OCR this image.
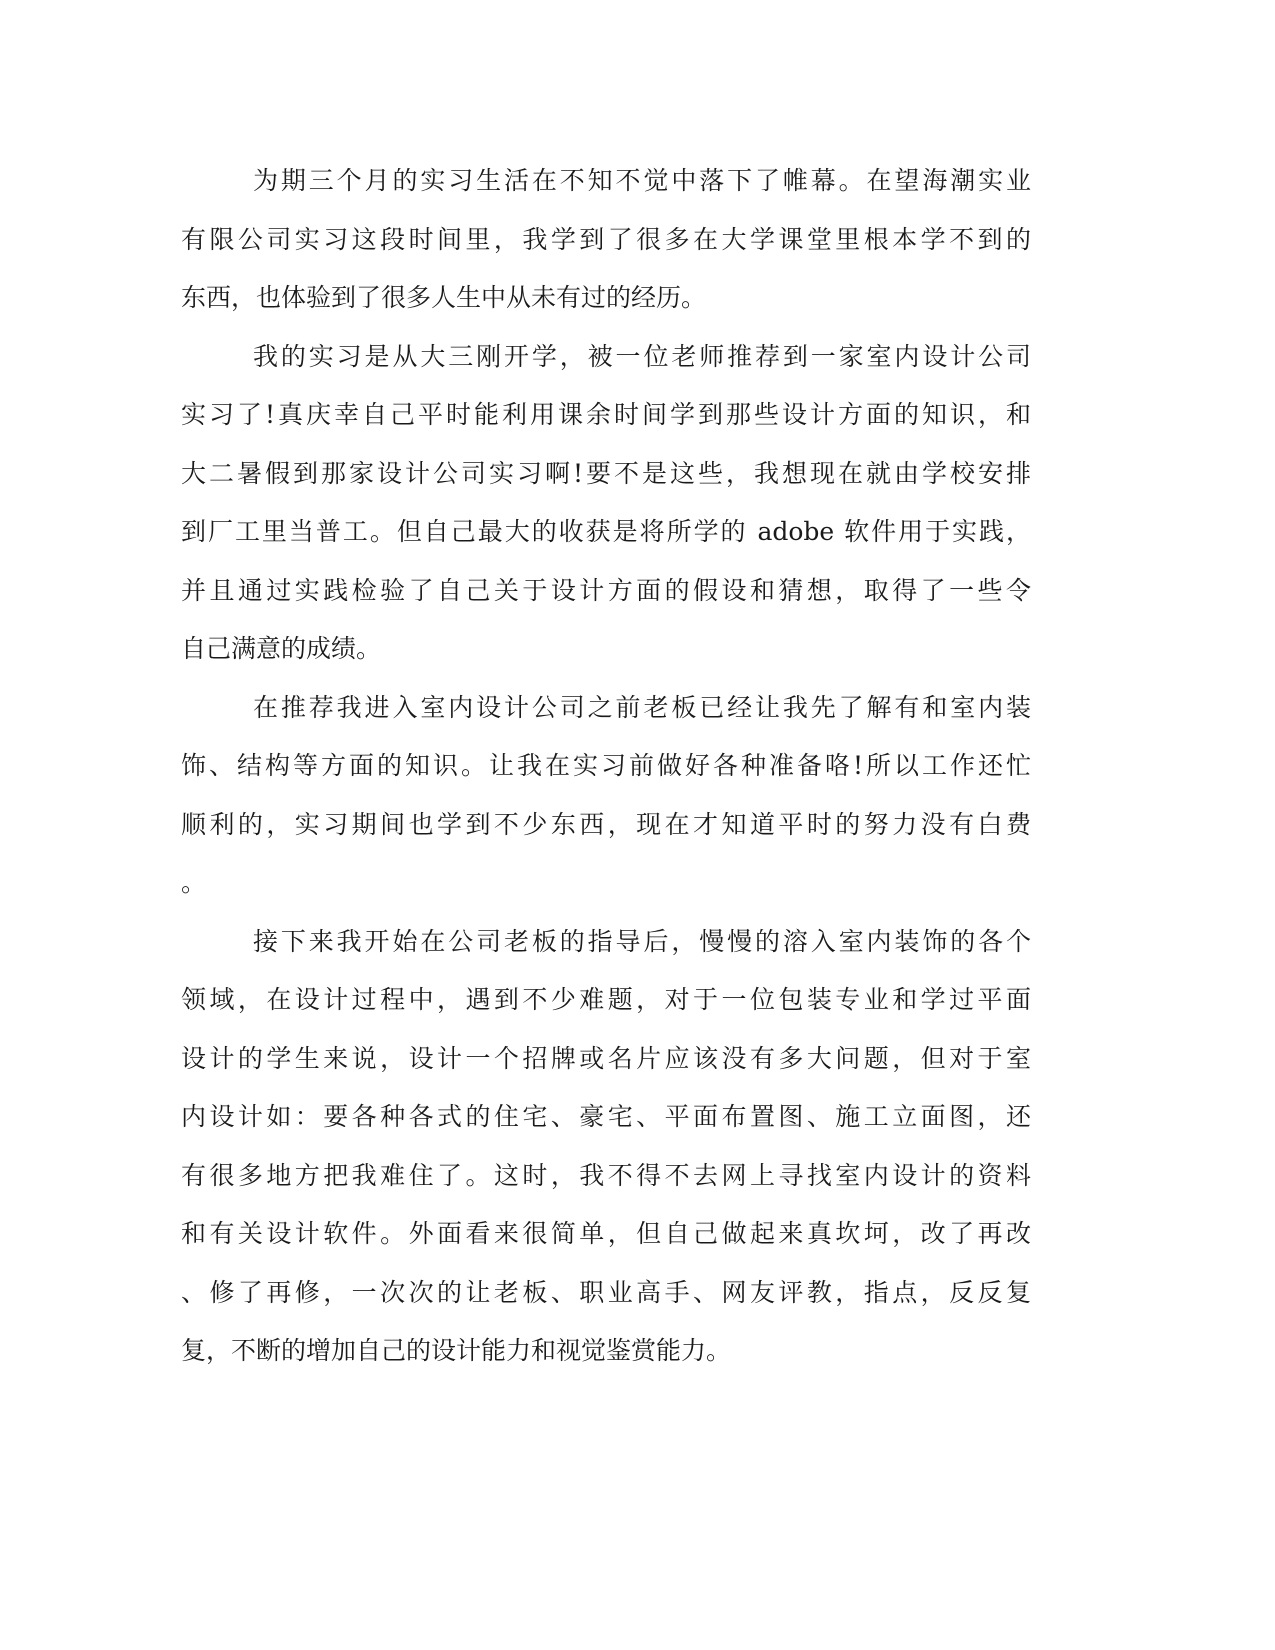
为期三个月的实习生活在不知不觉中落下了帷幕。在望海潮实业
有限公司实习这段时间里，我学到了很多在大学课堂里根本学不到的
东西，也体验到了很多人生中从未有过的经历。
我的实习是从大三刚开学，被一位老师推荐到一家室内设计公司
实习了!真庆幸自己平时能利用课余时间学到那些设计方面的知识，和
大二暑假到那家设计公司实习啊!要不是这些，我想现在就由学校安排
到厂工里当普工。但自己最大的收获是将所学的 adobe 软件用于实践，
并且通过实践检验了自己关于设计方面的假设和猜想，取得了一些令
自己满意的成绩。
在推荐我进入室内设计公司之前老板已经让我先了解有和室内装
饰、结构等方面的知识。让我在实习前做好各种准备咯!所以工作还忙
顺利的，实习期间也学到不少东西，现在才知道平时的努力没有白费
。
接下来我开始在公司老板的指导后，慢慢的溶入室内装饰的各个
领域，在设计过程中，遇到不少难题，对于一位包装专业和学过平面
设计的学生来说，设计一个招牌或名片应该没有多大问题，但对于室
内设计如：要各种各式的住宅、豪宅、平面布置图、施工立面图，还
有很多地方把我难住了。这时，我不得不去网上寻找室内设计的资料
和有关设计软件。外面看来很简单，但自己做起来真坎坷，改了再改
、修了再修，一次次的让老板、职业高手、网友评教，指点，反反复
复，不断的增加自己的设计能力和视觉鉴赏能力。
